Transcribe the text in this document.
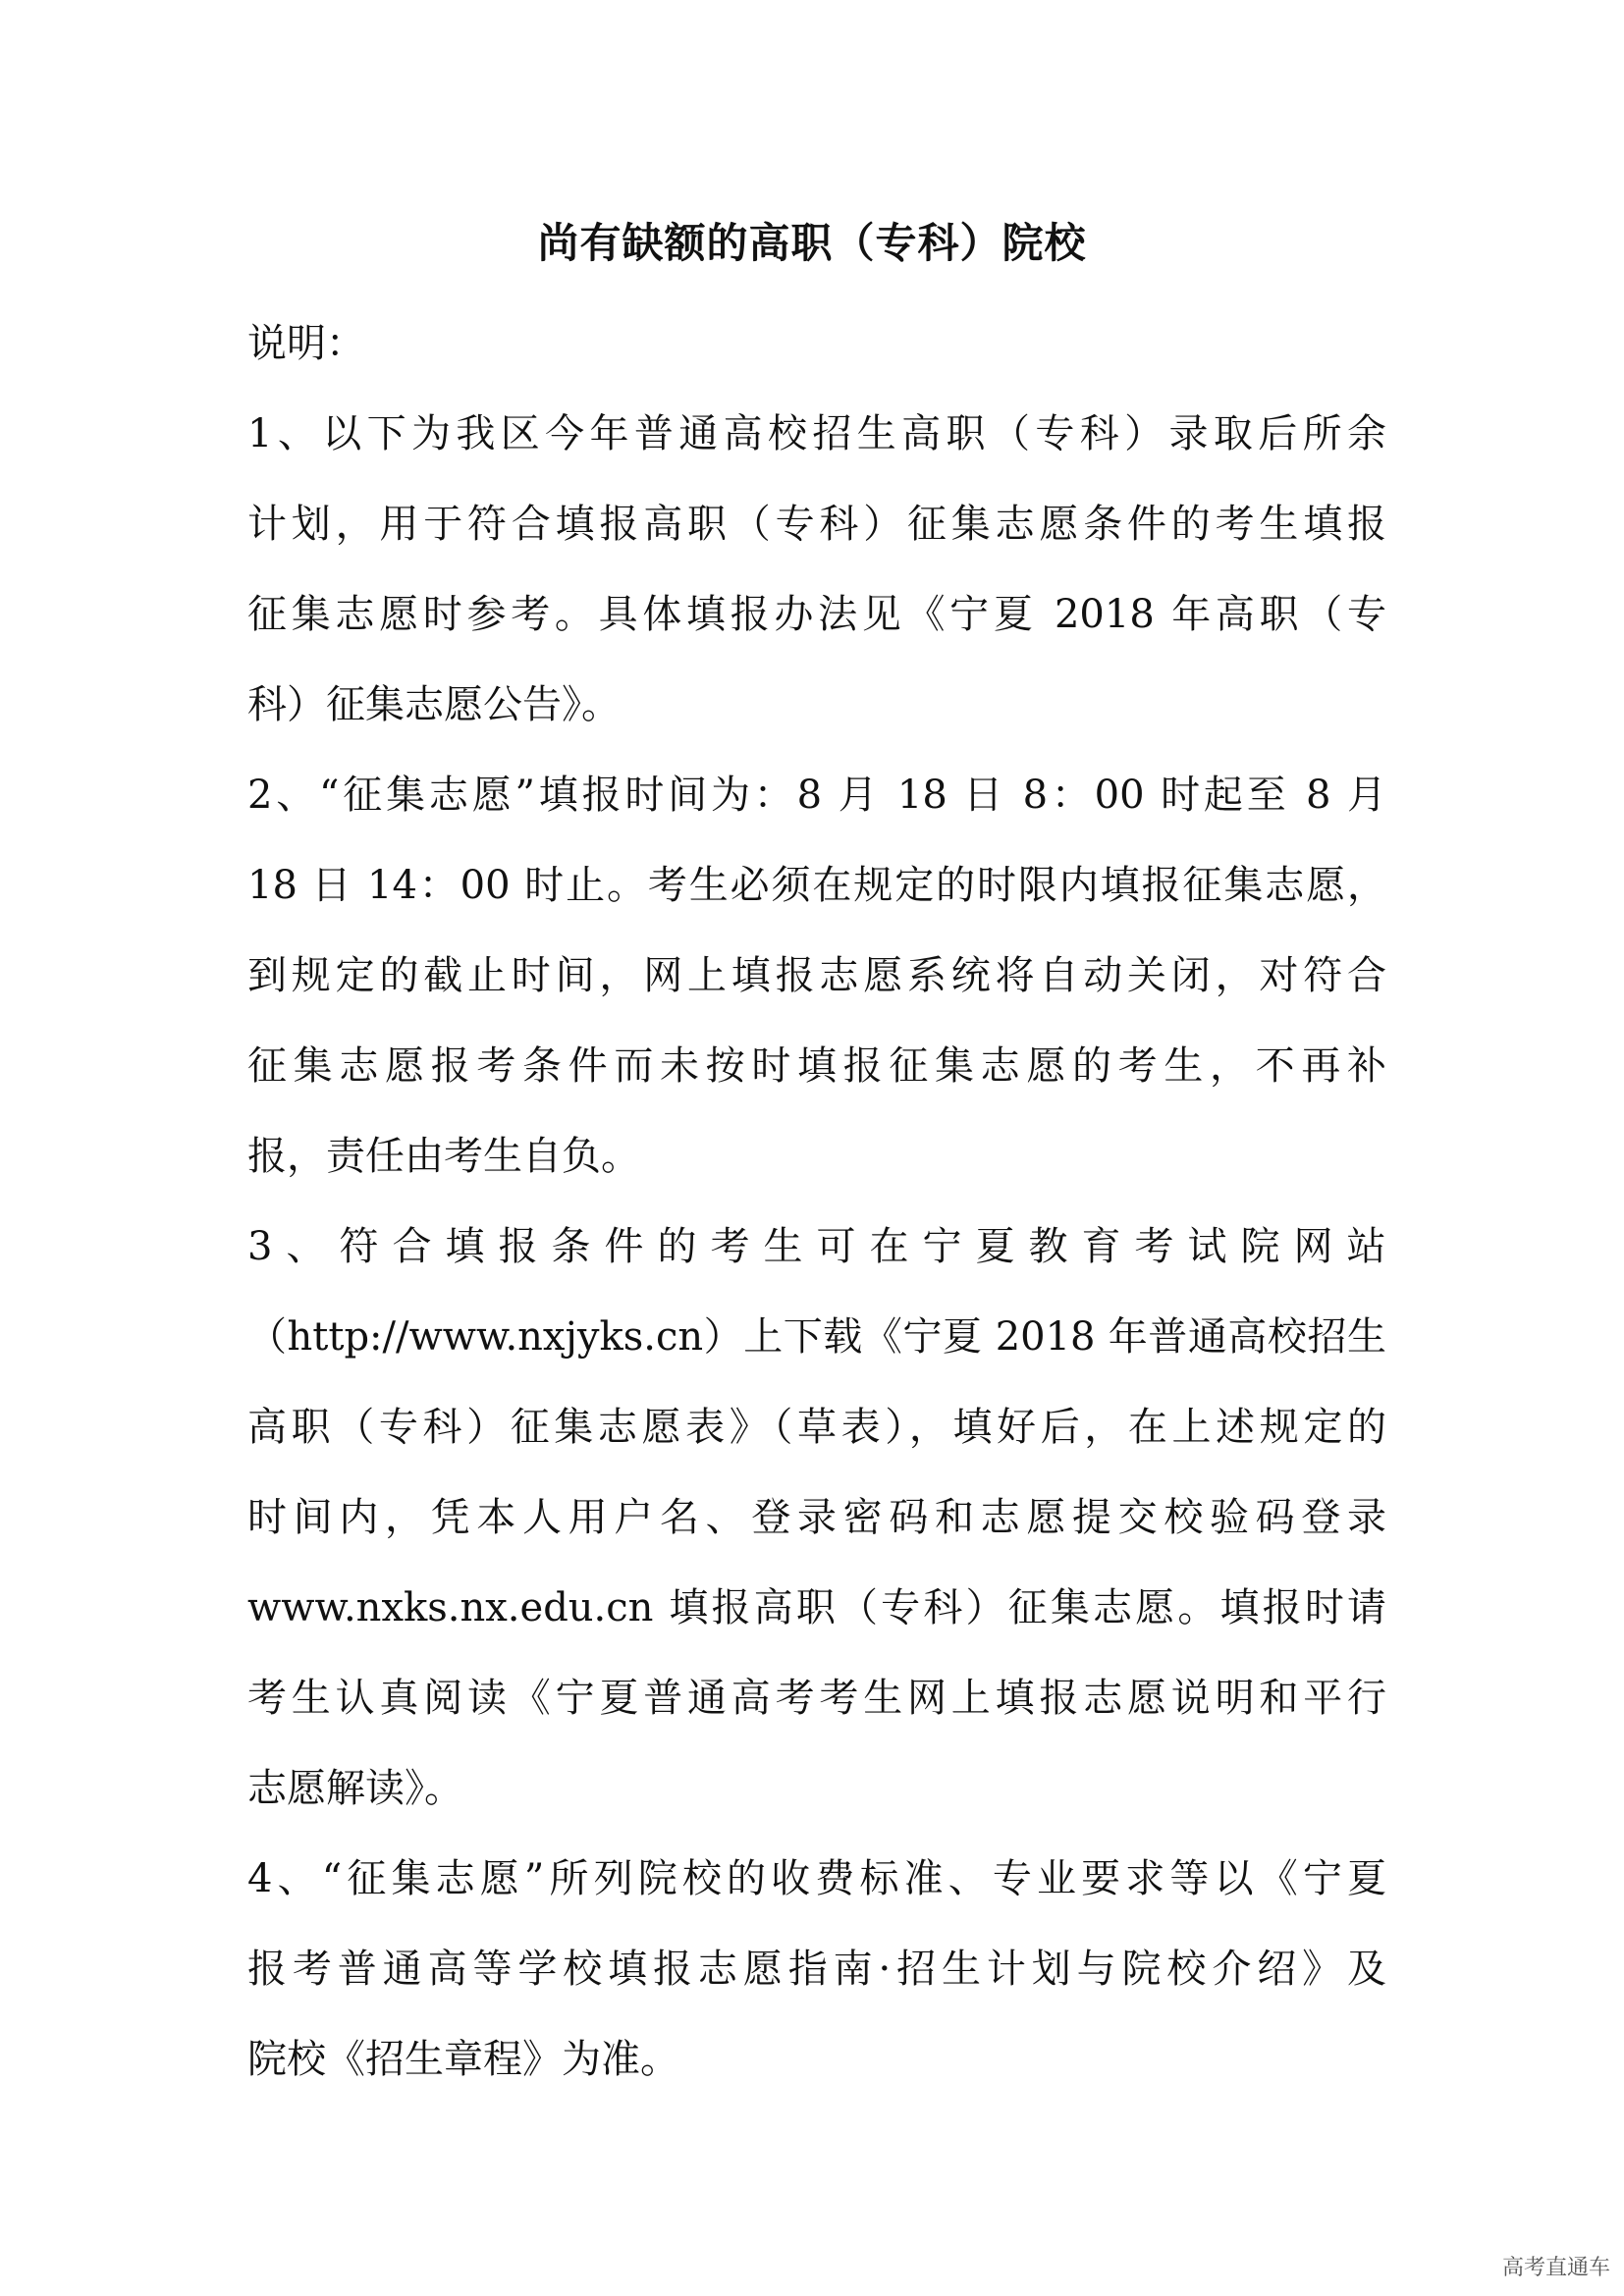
尚有缺额的高职（专科）院校
说明：
1、以下为我区今年普通高校招生高职（专科）录取后所余
计划，用于符合填报高职（专科）征集志愿条件的考生填报
征集志愿时参考。具体填报办法见《宁夏 2018 年高职（专
科）征集志愿公告》。
2、“征集志愿”填报时间为：8 月 18 日 8：00 时起至 8 月
18 日 14：00 时止。考生必须在规定的时限内填报征集志愿，
到规定的截止时间，网上填报志愿系统将自动关闭，对符合
征集志愿报考条件而未按时填报征集志愿的考生，不再补
报，责任由考生自负。
3、符合填报条件的考生可在宁夏教育考试院网站
（http://www.nxjyks.cn）上下载《宁夏 2018 年普通高校招生
高职（专科）征集志愿表》（草表），填好后，在上述规定的
时间内，凭本人用户名、登录密码和志愿提交校验码登录
www.nxks.nx.edu.cn 填报高职（专科）征集志愿。填报时请
考生认真阅读《宁夏普通高考考生网上填报志愿说明和平行
志愿解读》。
4、“征集志愿”所列院校的收费标准、专业要求等以《宁夏
报考普通高等学校填报志愿指南·招生计划与院校介绍》及
院校《招生章程》为准。
高考直通车
